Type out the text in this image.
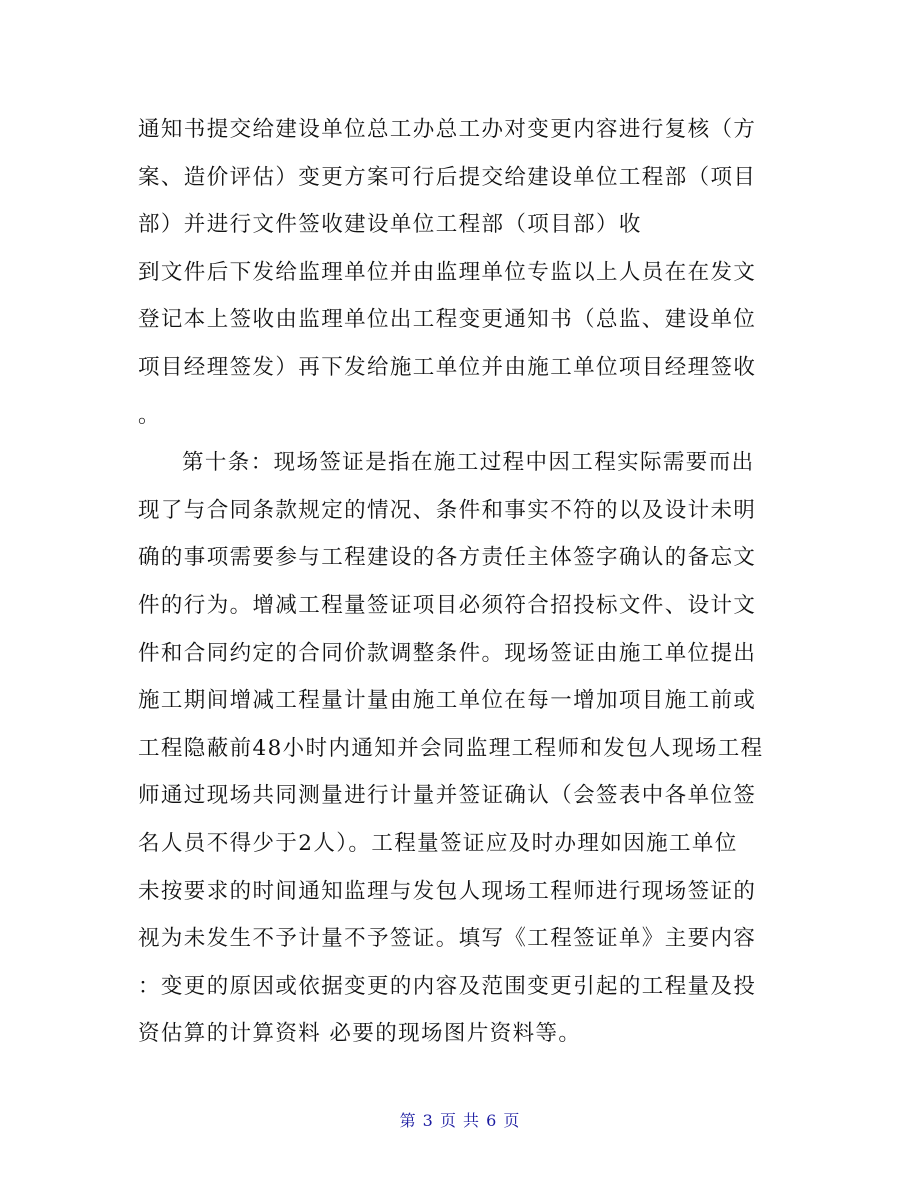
通知书提交给建设单位总工办总工办对变更内容进行复核（方
案、造价评估）变更方案可行后提交给建设单位工程部（项目
部）并进行文件签收建设单位工程部（项目部）收
到文件后下发给监理单位并由监理单位专监以上人员在在发文
登记本上签收由监理单位出工程变更通知书（总监、建设单位
项目经理签发）再下发给施工单位并由施工单位项目经理签收
。
第十条：现场签证是指在施工过程中因工程实际需要而出
现了与合同条款规定的情况、条件和事实不符的以及设计未明
确的事项需要参与工程建设的各方责任主体签字确认的备忘文
件的行为。增减工程量签证项目必须符合招投标文件、设计文
件和合同约定的合同价款调整条件。现场签证由施工单位提出
施工期间增减工程量计量由施工单位在每一增加项目施工前或
工程隐蔽前48小时内通知并会同监理工程师和发包人现场工程
师通过现场共同测量进行计量并签证确认（会签表中各单位签
名人员不得少于2人）。工程量签证应及时办理如因施工单位
未按要求的时间通知监理与发包人现场工程师进行现场签证的
视为未发生不予计量不予签证。填写《工程签证单》主要内容
：变更的原因或依据变更的内容及范围变更引起的工程量及投
资估算的计算资料 必要的现场图片资料等。
第 3 页 共 6 页
